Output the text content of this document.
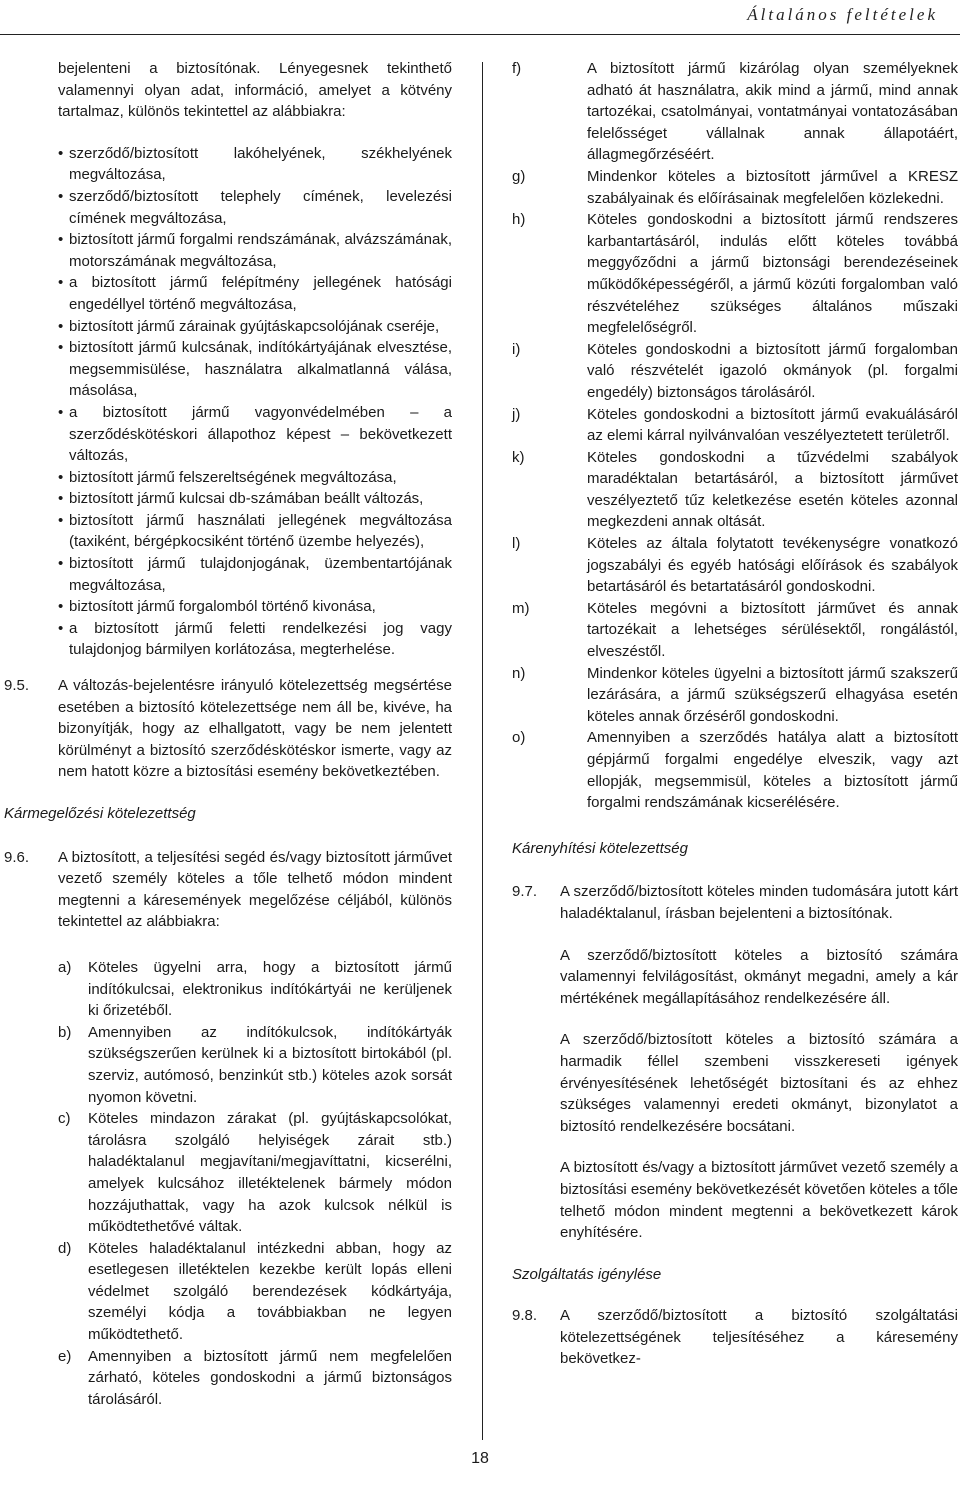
Általános feltételek

bejelenteni a biztosítónak. Lényegesnek tekinthető valamennyi olyan adat, információ, amelyet a kötvény tartalmaz, különös tekintettel az alábbiakra:

• szerződő/biztosított lakóhelyének, székhelyének megváltozása,
• szerződő/biztosított telephely címének, levelezési címének megváltozása,
• biztosított jármű forgalmi rendszámának, alvázszámának, motorszámának megváltozása,
• a biztosított jármű felépítmény jellegének hatósági engedéllyel történő megváltozása,
• biztosított jármű zárainak gyújtáskapcsolójának cseréje,
• biztosított jármű kulcsának, indítókártyájának elvesztése, megsemmisülése, használatra alkalmatlanná válása, másolása,
• a biztosított jármű vagyonvédelmében – a szerződéskötéskori állapothoz képest – bekövetkezett változás,
• biztosított jármű felszereltségének megváltozása,
• biztosított jármű kulcsai db-számában beállt változás,
• biztosított jármű használati jellegének megváltozása (taxiként, bérgépkocsiként történő üzembe helyezés),
• biztosított jármű tulajdonjogának, üzembentartójának megváltozása,
• biztosított jármű forgalomból történő kivonása,
• a biztosított jármű feletti rendelkezési jog vagy tulajdonjog bármilyen korlátozása, megterhelése.
9.5. A változás-bejelentésre irányuló kötelezettség megsértése esetében a biztosító kötelezettsége nem áll be, kivéve, ha bizonyítják, hogy az elhallgatott, vagy be nem jelentett körülményt a biztosító szerződéskötéskor ismerte, vagy az nem hatott közre a biztosítási esemény bekövetkeztében.

Kármegelőzési kötelezettség

9.6. A biztosított, a teljesítési segéd és/vagy biztosított járművet vezető személy köteles a tőle telhető módon mindent megtenni a káresemények megelőzése céljából, különös tekintettel az alábbiakra:

a) Köteles ügyelni arra, hogy a biztosított jármű indítókulcsai, elektronikus indítókártyái ne kerüljenek ki őrizetéből.
b) Amennyiben az indítókulcsok, indítókártyák szükségszerűen kerülnek ki a biztosított birtokából (pl. szerviz, autómosó, benzinkút stb.) köteles azok sorsát nyomon követni.
c) Köteles mindazon zárakat (pl. gyújtáskapcsolókat, tárolásra szolgáló helyiségek zárait stb.) haladéktalanul megjavítani/megjavíttatni, kicserélni, amelyek kulcsához illetéktelenek bármely módon hozzájuthattak, vagy ha azok kulcsok nélkül is működtethetővé váltak.
d) Köteles haladéktalanul intézkedni abban, hogy az esetlegesen illetéktelen kezekbe került lopás elleni védelmet szolgáló berendezések kódkártyája, személyi kódja a továbbiakban ne legyen működtethető.
e) Amennyiben a biztosított jármű nem megfelelően zárható, köteles gondoskodni a jármű biztonságos tárolásáról.
f)	A biztosított jármű kizárólag olyan személyeknek adható át használatra, akik mind a jármű, mind annak tartozékai, csatolmányai, vontatmányai vontatozásában felelősséget vállalnak annak állapotáért, állagmegőrzéséért.
g)	Mindenkor köteles a biztosított járművel a KRESZ szabályainak és előírásainak megfelelően közlekedni.
h)	Köteles gondoskodni a biztosított jármű rendszeres karbantartásáról, indulás előtt köteles továbbá meggyőződni a jármű biztonsági berendezéseinek működőképességéről, a jármű közúti forgalomban való részvételéhez szükséges általános műszaki megfelelőségről.
i)	Köteles gondoskodni a biztosított jármű forgalomban való részvételét igazoló okmányok (pl. forgalmi engedély) biztonságos tárolásáról.
j)	Köteles gondoskodni a biztosított jármű evakuálásáról az elemi kárral nyilvánvalóan veszélyeztetett területről.
k)	Köteles gondoskodni a tűzvédelmi szabályok maradéktalan betartásáról, a biztosított járművet veszélyeztető tűz keletkezése esetén köteles azonnal megkezdeni annak oltását.
l)	Köteles az általa folytatott tevékenységre vonatkozó jogszabályi és egyéb hatósági előírások és szabályok betartásáról és betartatásáról gondoskodni.
m)	Köteles megóvni a biztosított járművet és annak tartozékait a lehetséges sérülésektől, rongálástól, elveszéstől.
n)	Mindenkor köteles ügyelni a biztosított jármű szakszerű lezárására, a jármű szükségszerű elhagyása esetén köteles annak őrzéséről gondoskodni.
o)	Amennyiben a szerződés hatálya alatt a biztosított gépjármű forgalmi engedélye elveszik, vagy azt ellopják, megsemmisül, köteles a biztosított jármű forgalmi rendszámának kicserélésére.

Kárenyhítési kötelezettség

9.7. A szerződő/biztosított köteles minden tudomására jutott kárt haladéktalanul, írásban bejelenteni a biztosítónak.

A szerződő/biztosított köteles a biztosító számára valamennyi felvilágosítást, okmányt megadni, amely a kár mértékének megállapításához rendelkezésére áll.

A szerződő/biztosított köteles a biztosító számára a harmadik féllel szembeni visszkereseti igények érvényesítésének lehetőségét biztosítani és az ehhez szükséges valamennyi eredeti okmányt, bizonylatot a biztosító rendelkezésére bocsátani.

A biztosított és/vagy a biztosított járművet vezető személy a biztosítási esemény bekövetkezését követően köteles a tőle telhető módon mindent megtenni a bekövetkezett károk enyhítésére.

Szolgáltatás igénylése

9.8. A szerződő/biztosított a biztosító szolgáltatási kötelezettségének teljesítéséhez a káresemény bekövetkez-

18
